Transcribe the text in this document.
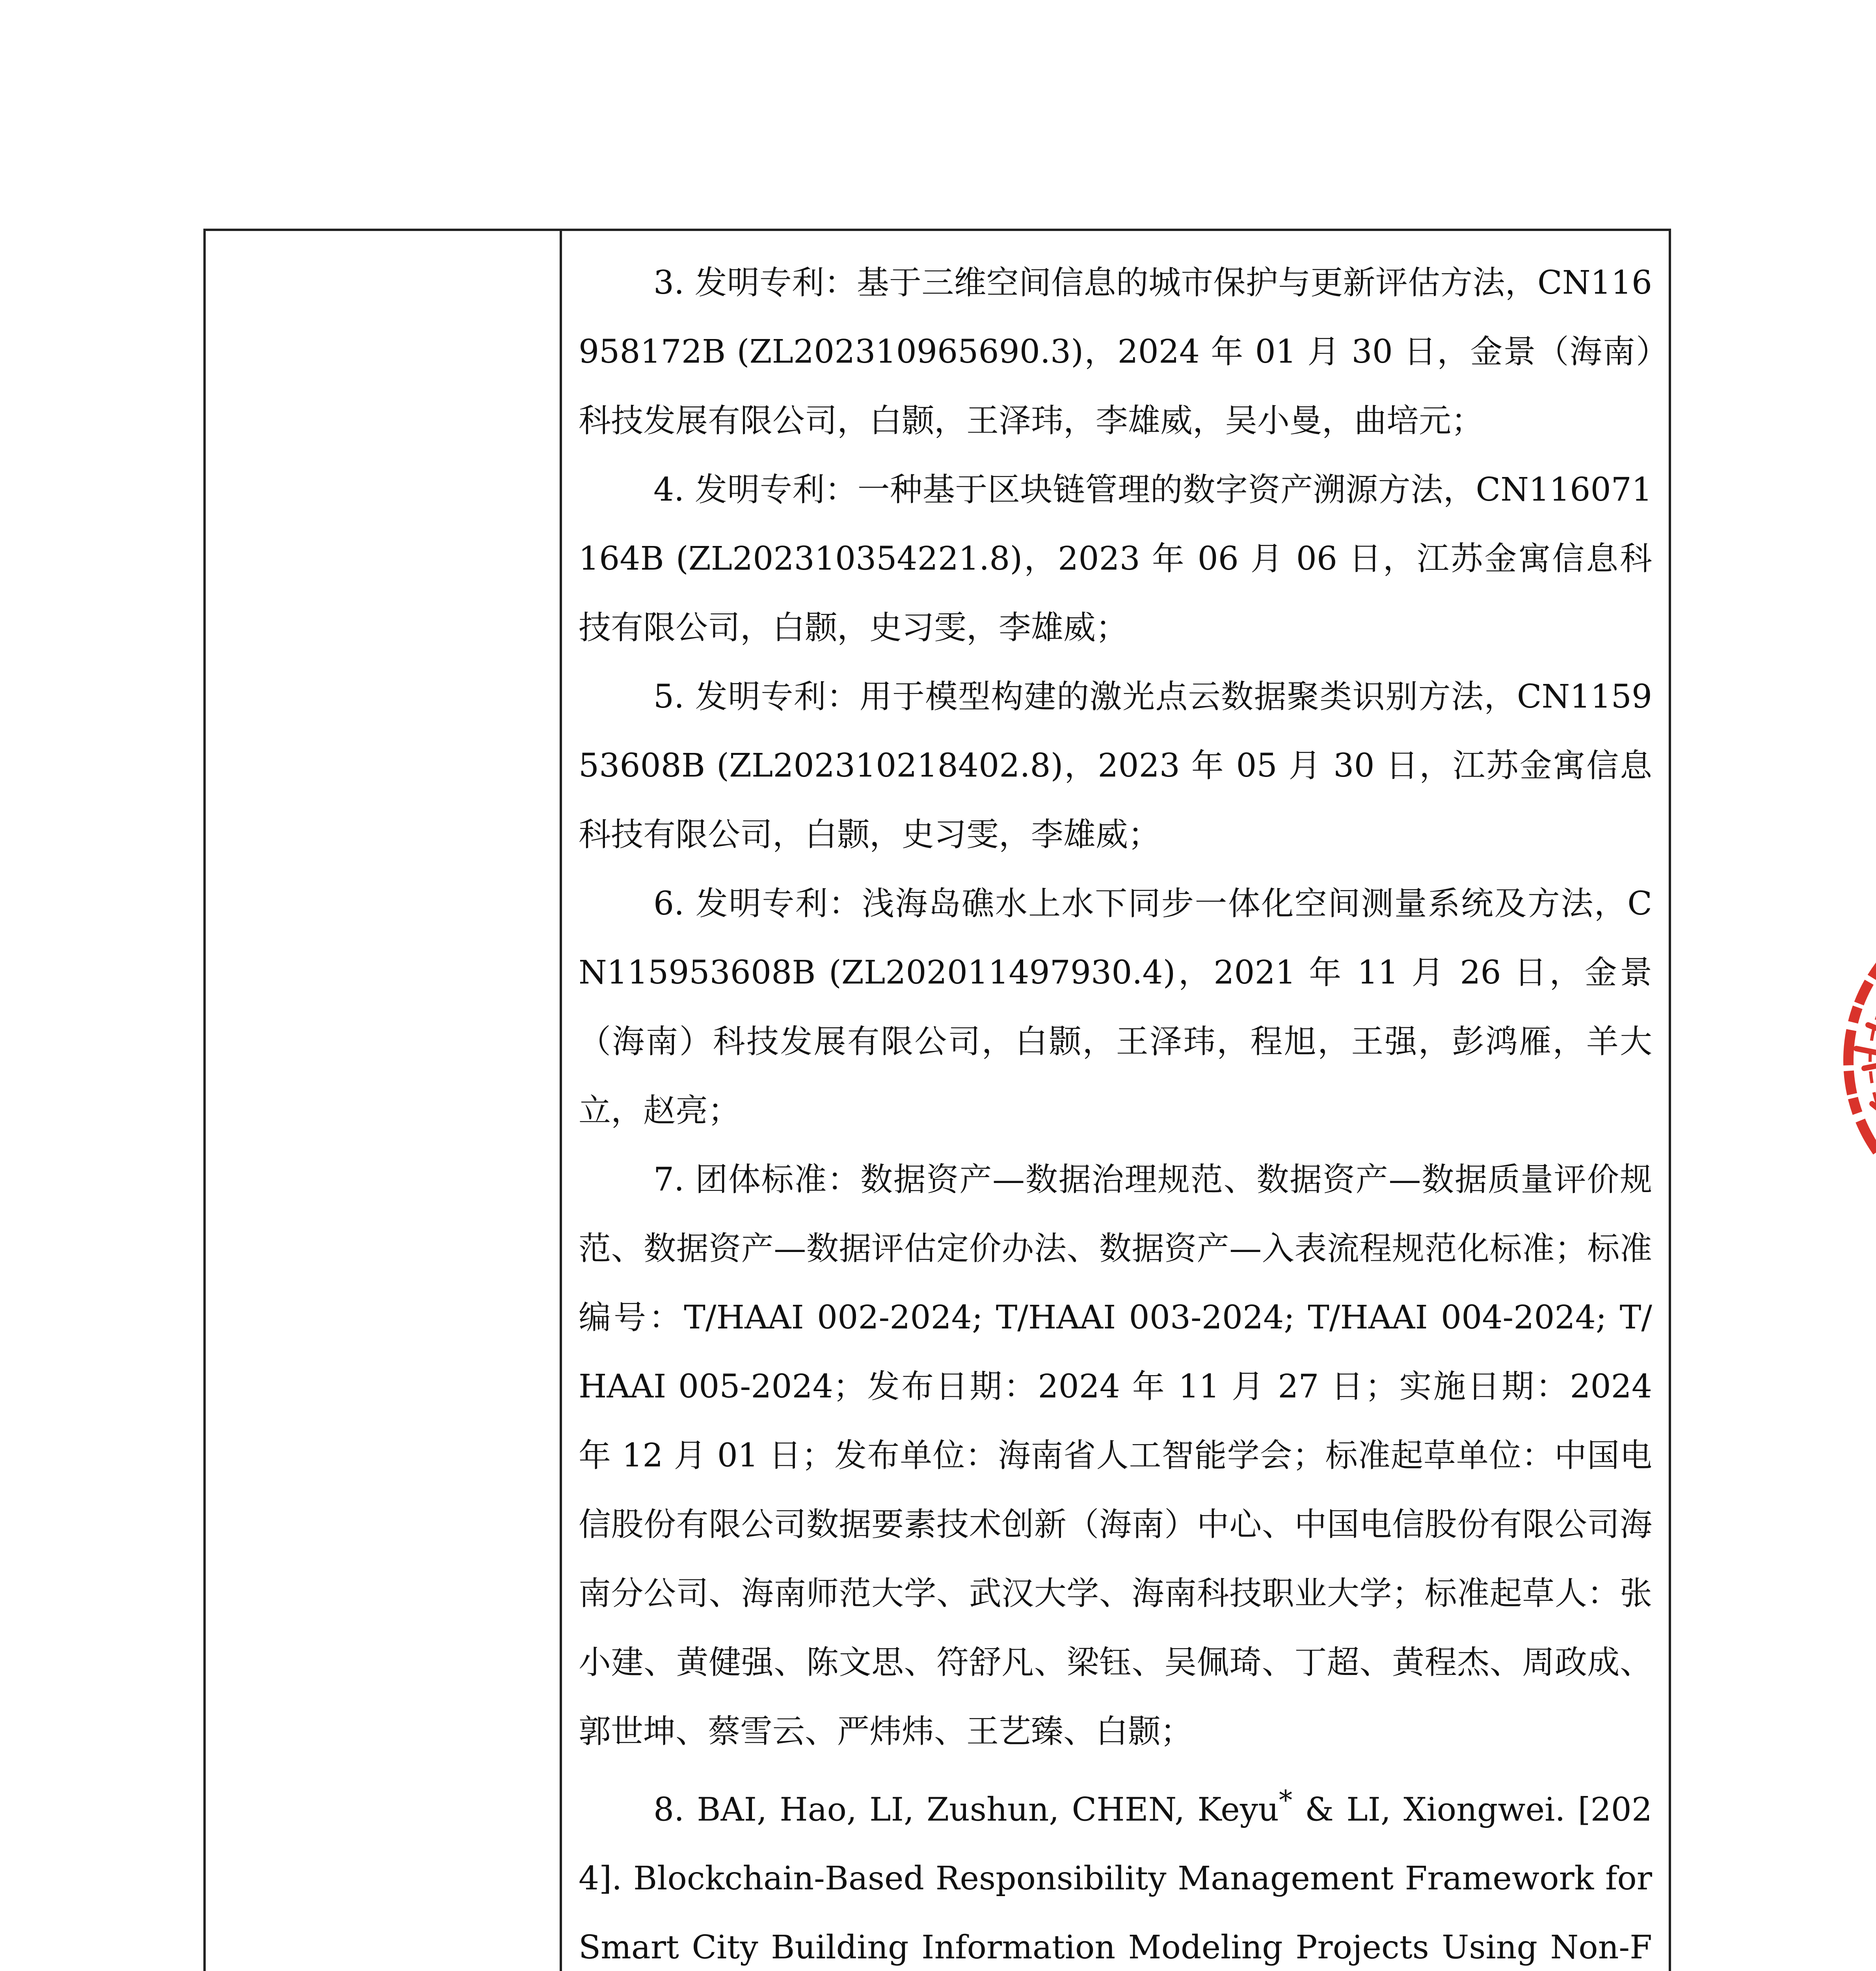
3. 发明专利：基于三维空间信息的城市保护与更新评估方法，CN116958172B (ZL202310965690.3)，2024 年 01 月 30 日，金景（海南）科技发展有限公司，白颢，王泽玮，李雄威，吴小曼，曲培元；

4. 发明专利：一种基于区块链管理的数字资产溯源方法，CN116071164B (ZL202310354221.8)，2023 年 06 月 06 日，江苏金寓信息科技有限公司，白颢，史习雯，李雄威；

5. 发明专利：用于模型构建的激光点云数据聚类识别方法，CN115953608B (ZL202310218402.8)，2023 年 05 月 30 日，江苏金寓信息科技有限公司，白颢，史习雯，李雄威；

6. 发明专利：浅海岛礁水上水下同步一体化空间测量系统及方法，CN115953608B (ZL202011497930.4)，2021 年 11 月 26 日，金景（海南）科技发展有限公司，白颢，王泽玮，程旭，王强，彭鸿雁，羊大立，赵亮；

7. 团体标准：数据资产—数据治理规范、数据资产—数据质量评价规范、数据资产—数据评估定价办法、数据资产—入表流程规范化标准；标准编号：T/HAAI 002-2024; T/HAAI 003-2024; T/HAAI 004-2024; T/HAAI 005-2024；发布日期：2024 年 11 月 27 日；实施日期：2024 年 12 月 01 日；发布单位：海南省人工智能学会；标准起草单位：中国电信股份有限公司数据要素技术创新（海南）中心、中国电信股份有限公司海南分公司、海南师范大学、武汉大学、海南科技职业大学；标准起草人：张小建、黄健强、陈文思、符舒凡、梁钰、吴佩琦、丁超、黄程杰、周政成、郭世坤、蔡雪云、严炜炜、王艺臻、白颢；

8. BAI, Hao, LI, Zushun, CHEN, Keyu* & LI, Xiongwei. [2024]. Blockchain-Based Responsibility Management Framework for Smart City Building Information Modeling Projects Using Non-F
